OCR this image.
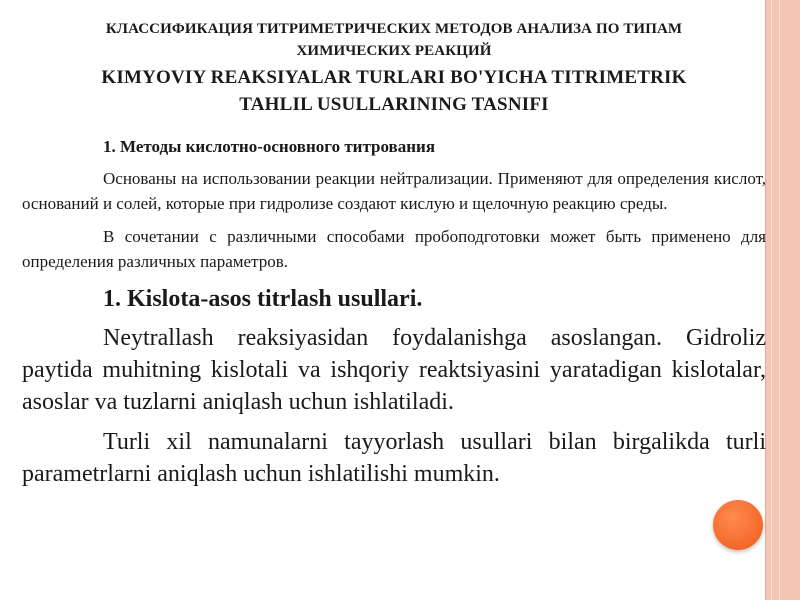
КЛАССИФИКАЦИЯ ТИТРИМЕТРИЧЕСКИХ МЕТОДОВ АНАЛИЗА ПО ТИПАМ
ХИМИЧЕСКИХ РЕАКЦИЙ

KIMYOVIY REAKSIYALAR TURLARI BO'YICHA TITRIMETRIK
TAHLIL USULLARINING TASNIFI

1. Методы кислотно-основного титрования

Основаны на использовании реакции нейтрализации. Применяют для определения кислот, оснований и солей, которые при гидролизе создают кислую и щелочную реакцию среды.

В сочетании с различными способами пробоподготовки может быть применено для определения различных параметров.

1. Kislota-asos titrlash usullari.

Neytrallash reaksiyasidan foydalanishga asoslangan. Gidroliz paytida muhitning kislotali va ishqoriy reaktsiyasini yaratadigan kislotalar, asoslar va tuzlarni aniqlash uchun ishlatiladi.

Turli xil namunalarni tayyorlash usullari bilan birgalikda turli parametrlarni aniqlash uchun ishlatilishi mumkin.
